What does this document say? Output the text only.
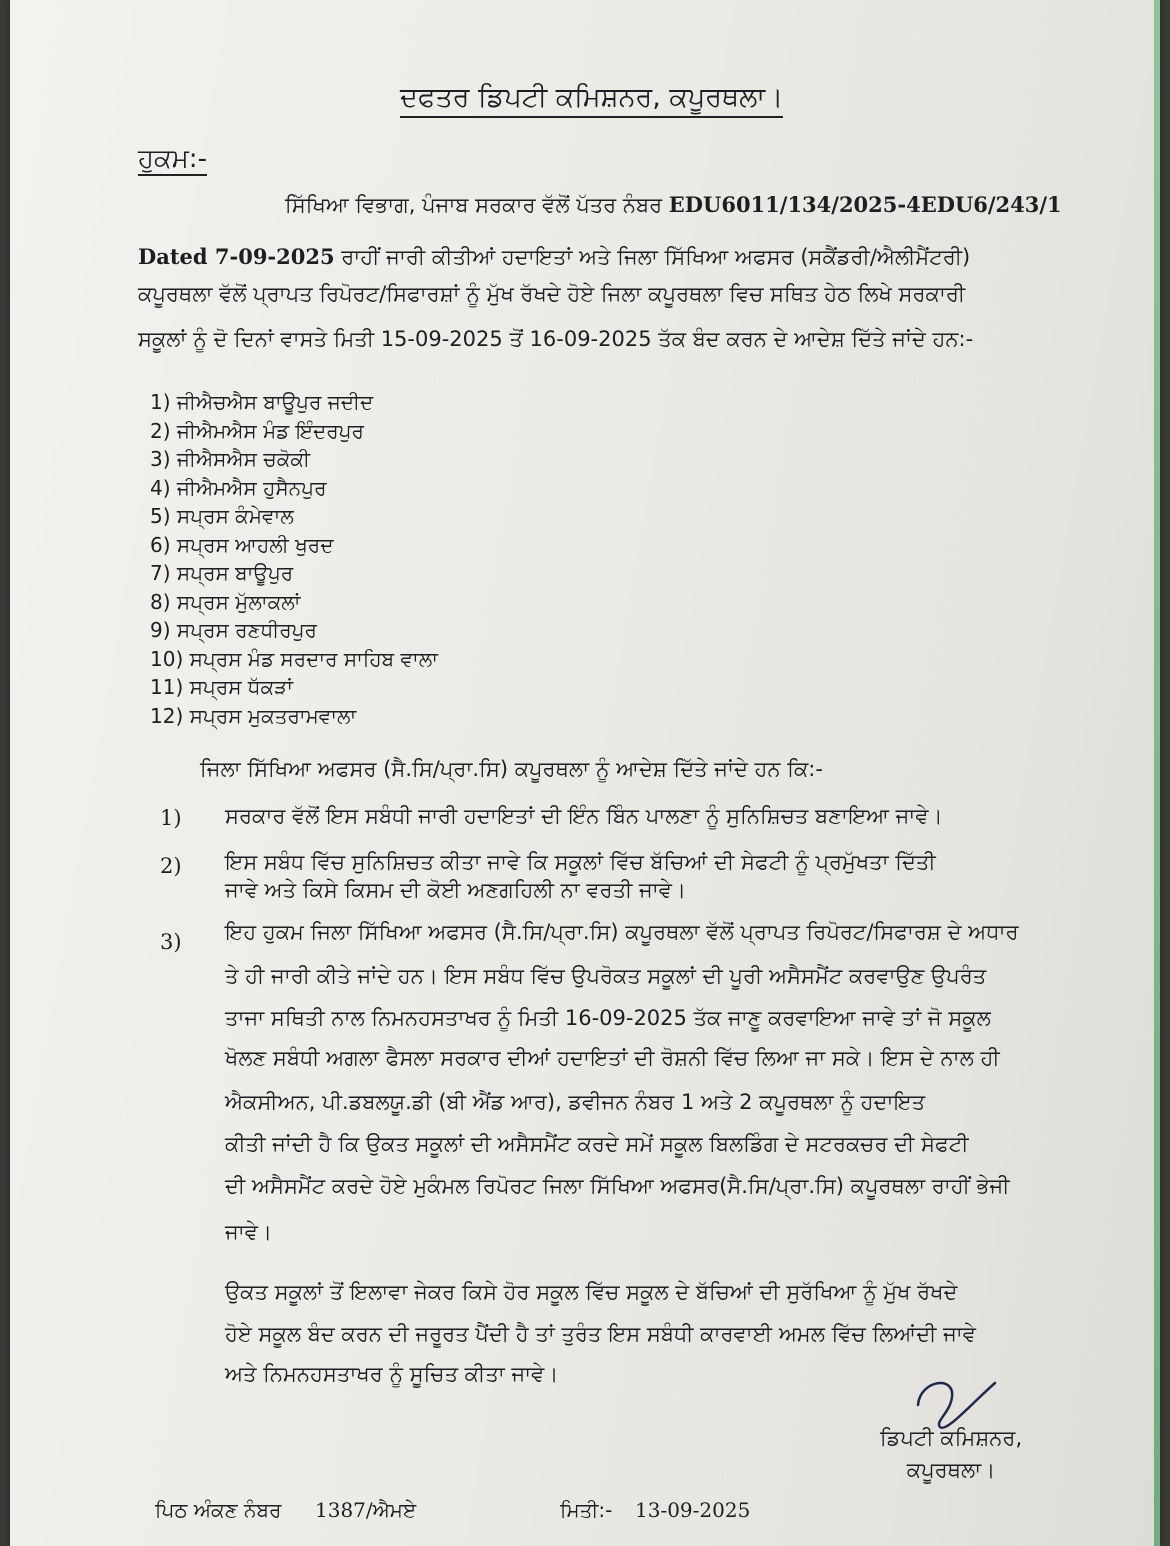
ਦਫਤਰ ਡਿਪਟੀ ਕਮਿਸ਼ਨਰ, ਕਪੂਰਥਲਾ।
ਹੁਕਮ:-
ਸਿੱਖਿਆ ਵਿਭਾਗ, ਪੰਜਾਬ ਸਰਕਾਰ ਵੱਲੋਂ ਪੱਤਰ ਨੰਬਰ EDU6011/134/2025-4EDU6/243/1
Dated 7-09-2025 ਰਾਹੀਂ ਜਾਰੀ ਕੀਤੀਆਂ ਹਦਾਇਤਾਂ ਅਤੇ ਜਿਲਾ ਸਿੱਖਿਆ ਅਫਸਰ (ਸਕੈਂਡਰੀ/ਐਲੀਮੈਂਟਰੀ)
ਕਪੂਰਥਲਾ ਵੱਲੋਂ ਪ੍ਰਾਪਤ ਰਿਪੋਰਟ/ਸਿਫਾਰਸ਼ਾਂ ਨੂੰ ਮੁੱਖ ਰੱਖਦੇ ਹੋਏ ਜਿਲਾ ਕਪੂਰਥਲਾ ਵਿਚ ਸਥਿਤ ਹੇਠ ਲਿਖੇ ਸਰਕਾਰੀ
ਸਕੂਲਾਂ ਨੂੰ ਦੋ ਦਿਨਾਂ ਵਾਸਤੇ ਮਿਤੀ 15-09-2025 ਤੋਂ 16-09-2025 ਤੱਕ ਬੰਦ ਕਰਨ ਦੇ ਆਦੇਸ਼ ਦਿੱਤੇ ਜਾਂਦੇ ਹਨ:-
1) ਜੀਐਚਐਸ ਬਾਊਪੁਰ ਜਦੀਦ
2) ਜੀਐਮਐਸ ਮੰਡ ਇੰਦਰਪੁਰ
3) ਜੀਐਸਐਸ ਚਕੋਕੀ
4) ਜੀਐਮਐਸ ਹੁਸੈਨਪੁਰ
5) ਸਪ੍ਰਸ ਕੰਮੇਵਾਲ
6) ਸਪ੍ਰਸ ਆਹਲੀ ਖੁਰਦ
7) ਸਪ੍ਰਸ ਬਾਊਪੁਰ
8) ਸਪ੍ਰਸ ਮੁੱਲਾਕਲਾਂ
9) ਸਪ੍ਰਸ ਰਣਧੀਰਪੁਰ
10) ਸਪ੍ਰਸ ਮੰਡ ਸਰਦਾਰ ਸਾਹਿਬ ਵਾਲਾ
11) ਸਪ੍ਰਸ ਧੱਕੜਾਂ
12) ਸਪ੍ਰਸ ਮੁਕਤਰਾਮਵਾਲਾ
ਜਿਲਾ ਸਿੱਖਿਆ ਅਫਸਰ (ਸੈ.ਸਿ/ਪ੍ਰਾ.ਸਿ) ਕਪੂਰਥਲਾ ਨੂੰ ਆਦੇਸ਼ ਦਿੱਤੇ ਜਾਂਦੇ ਹਨ ਕਿ:-
1) ਸਰਕਾਰ ਵੱਲੋਂ ਇਸ ਸਬੰਧੀ ਜਾਰੀ ਹਦਾਇਤਾਂ ਦੀ ਇੰਨ ਬਿੰਨ ਪਾਲਣਾ ਨੂੰ ਸੁਨਿਸ਼ਿਚਤ ਬਣਾਇਆ ਜਾਵੇ।
2) ਇਸ ਸਬੰਧ ਵਿੱਚ ਸੁਨਿਸ਼ਿਚਤ ਕੀਤਾ ਜਾਵੇ ਕਿ ਸਕੂਲਾਂ ਵਿੱਚ ਬੱਚਿਆਂ ਦੀ ਸੇਫਟੀ ਨੂੰ ਪ੍ਰਮੁੱਖਤਾ ਦਿੱਤੀ
ਜਾਵੇ ਅਤੇ ਕਿਸੇ ਕਿਸਮ ਦੀ ਕੋਈ ਅਣਗਹਿਲੀ ਨਾ ਵਰਤੀ ਜਾਵੇ।
3) ਇਹ ਹੁਕਮ ਜਿਲਾ ਸਿੱਖਿਆ ਅਫਸਰ (ਸੈ.ਸਿ/ਪ੍ਰਾ.ਸਿ) ਕਪੂਰਥਲਾ ਵੱਲੋਂ ਪ੍ਰਾਪਤ ਰਿਪੋਰਟ/ਸਿਫਾਰਸ਼ ਦੇ ਅਧਾਰ
ਤੇ ਹੀ ਜਾਰੀ ਕੀਤੇ ਜਾਂਦੇ ਹਨ। ਇਸ ਸਬੰਧ ਵਿੱਚ ਉਪਰੋਕਤ ਸਕੂਲਾਂ ਦੀ ਪੂਰੀ ਅਸੈਸਮੈਂਟ ਕਰਵਾਉਣ ਉਪਰੰਤ
ਤਾਜਾ ਸਥਿਤੀ ਨਾਲ ਨਿਮਨਹਸਤਾਖਰ ਨੂੰ ਮਿਤੀ 16-09-2025 ਤੱਕ ਜਾਣੂ ਕਰਵਾਇਆ ਜਾਵੇ ਤਾਂ ਜੋ ਸਕੂਲ
ਖੋਲਣ ਸਬੰਧੀ ਅਗਲਾ ਫੈਸਲਾ ਸਰਕਾਰ ਦੀਆਂ ਹਦਾਇਤਾਂ ਦੀ ਰੋਸ਼ਨੀ ਵਿੱਚ ਲਿਆ ਜਾ ਸਕੇ। ਇਸ ਦੇ ਨਾਲ ਹੀ
ਐਕਸੀਅਨ, ਪੀ.ਡਬਲਯੂ.ਡੀ (ਬੀ ਐਂਡ ਆਰ), ਡਵੀਜਨ ਨੰਬਰ 1 ਅਤੇ 2 ਕਪੂਰਥਲਾ ਨੂੰ ਹਦਾਇਤ
ਕੀਤੀ ਜਾਂਦੀ ਹੈ ਕਿ ਉਕਤ ਸਕੂਲਾਂ ਦੀ ਅਸੈਸਮੈਂਟ ਕਰਦੇ ਸਮੇਂ ਸਕੂਲ ਬਿਲਡਿੰਗ ਦੇ ਸਟਰਕਚਰ ਦੀ ਸੇਫਟੀ
ਦੀ ਅਸੈਸਮੈਂਟ ਕਰਦੇ ਹੋਏ ਮੁਕੰਮਲ ਰਿਪੋਰਟ ਜਿਲਾ ਸਿੱਖਿਆ ਅਫਸਰ(ਸੈ.ਸਿ/ਪ੍ਰਾ.ਸਿ) ਕਪੂਰਥਲਾ ਰਾਹੀਂ ਭੇਜੀ
ਜਾਵੇ।
ਉਕਤ ਸਕੂਲਾਂ ਤੋਂ ਇਲਾਵਾ ਜੇਕਰ ਕਿਸੇ ਹੋਰ ਸਕੂਲ ਵਿੱਚ ਸਕੂਲ ਦੇ ਬੱਚਿਆਂ ਦੀ ਸੁਰੱਖਿਆ ਨੂੰ ਮੁੱਖ ਰੱਖਦੇ
ਹੋਏ ਸਕੂਲ ਬੰਦ ਕਰਨ ਦੀ ਜਰੂਰਤ ਪੈਂਦੀ ਹੈ ਤਾਂ ਤੁਰੰਤ ਇਸ ਸਬੰਧੀ ਕਾਰਵਾਈ ਅਮਲ ਵਿੱਚ ਲਿਆਂਦੀ ਜਾਵੇ
ਅਤੇ ਨਿਮਨਹਸਤਾਖਰ ਨੂੰ ਸੂਚਿਤ ਕੀਤਾ ਜਾਵੇ।
ਡਿਪਟੀ ਕਮਿਸ਼ਨਰ,
ਕਪੂਰਥਲਾ।
ਪਿਠ ਅੰਕਣ ਨੰਬਰ 1387/ਐਮਏ	ਮਿਤੀ:- 13-09-2025
